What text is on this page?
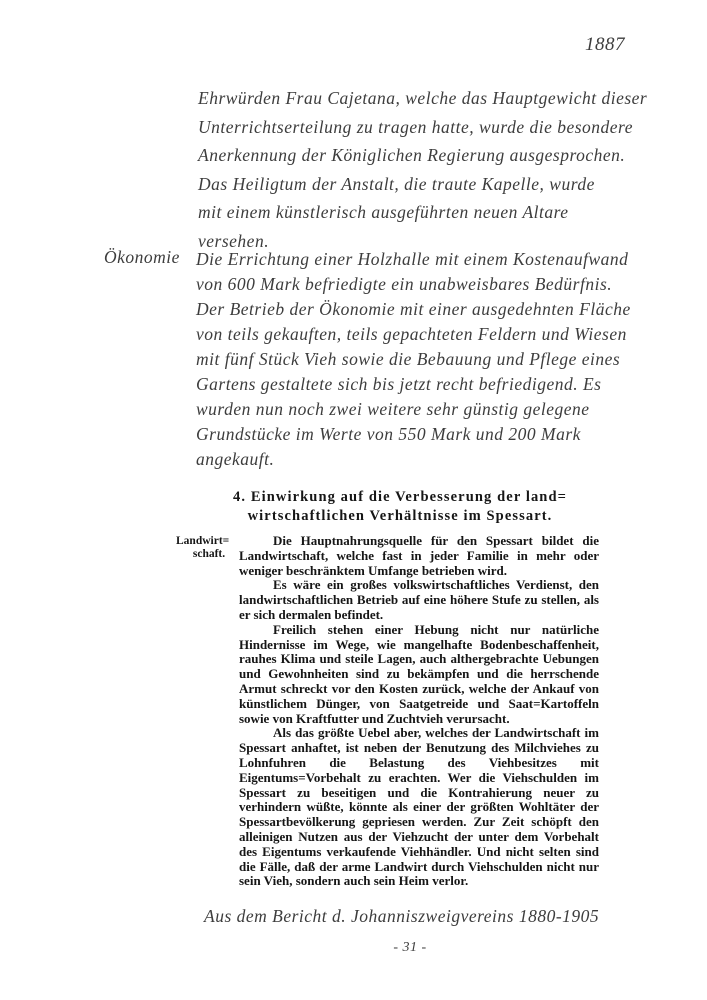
1887
Ehrwürden Frau Cajetana, welche das Hauptgewicht dieser
Unterrichtserteilung zu tragen hatte, wurde die besondere
Anerkennung der Königlichen Regierung ausgesprochen.
Das Heiligtum der Anstalt, die traute Kapelle, wurde
mit einem künstlerisch ausgeführten neuen Altare
versehen.
Ökonomie Die Errichtung einer Holzhalle mit einem Kostenaufwand
von 600 Mark befriedigte ein unabweisbares Bedürfnis.
Der Betrieb der Ökonomie mit einer ausgedehnten Fläche
von teils gekauften, teils gepachteten Feldern und Wiesen
mit fünf Stück Vieh sowie die Bebauung und Pflege eines
Gartens gestaltete sich bis jetzt recht befriedigend. Es
wurden nun noch zwei weitere sehr günstig gelegene
Grundstücke im Werte von 550 Mark und 200 Mark
angekauft.
4. Einwirkung auf die Verbesserung der land=
wirtschaftlichen Verhältnisse im Spessart.
Landwirt=
schaft.

Die Hauptnahrungsquelle für den Spessart bildet die Landwirtschaft, welche fast in jeder Familie in mehr oder weniger beschränktem Umfange betrieben wird.

Es wäre ein großes volkswirtschaftliches Verdienst, den landwirtschaftlichen Betrieb auf eine höhere Stufe zu stellen, als er sich dermalen befindet.

Freilich stehen einer Hebung nicht nur natürliche Hindernisse im Wege, wie mangelhafte Bodenbeschaffenheit, rauhes Klima und steile Lagen, auch althergebrachte Uebungen und Gewohnheiten sind zu bekämpfen und die herrschende Armut schreckt vor den Kosten zurück, welche der Ankauf von künstlichem Dünger, von Saatgetreide und Saat=Kartoffeln sowie von Kraftfutter und Zuchtvieh verursacht.

Als das größte Uebel aber, welches der Landwirtschaft im Spessart anhaftet, ist neben der Benutzung des Milchviehes zu Lohnfuhren die Belastung des Viehbesitzes mit Eigentums=Vorbehalt zu erachten. Wer die Viehschulden im Spessart zu beseitigen und die Kontrahierung neuer zu verhindern wüßte, könnte als einer der größten Wohltäter der Spessartbevölkerung gepriesen werden. Zur Zeit schöpft den alleinigen Nutzen aus der Viehzucht der unter dem Vorbehalt des Eigentums verkaufende Viehhändler. Und nicht selten sind die Fälle, daß der arme Landwirt durch Viehschulden nicht nur sein Vieh, sondern auch sein Heim verlor.

Aus dem Bericht d. Johanniszweigvereins 1880-1905
- 31 -
